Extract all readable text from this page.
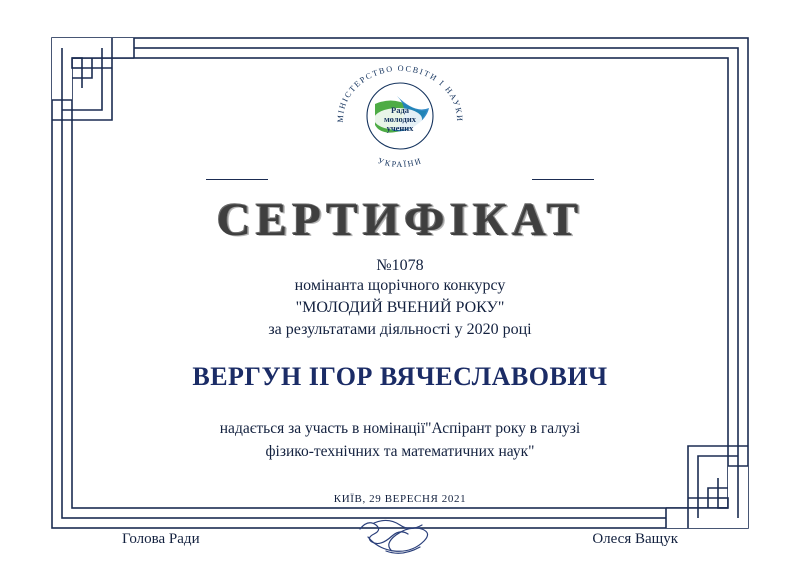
МІНІСТЕРСТВО ОСВІТИ І НАУКИ
УКРАЇНИ
Рада
молодих
учених
СЕРТИФІКАТ
№1078
номінанта щорічного конкурсу
"МОЛОДИЙ ВЧЕНИЙ РОКУ"
за результатами діяльності у 2020 році
ВЕРГУН ІГОР ВЯЧЕСЛАВОВИЧ
надається за участь в номінації"Аспірант року в галузі
фізико-технічних та математичних наук"
КИЇВ, 29 ВЕРЕСНЯ 2021
Голова Ради	Олеся Ващук
